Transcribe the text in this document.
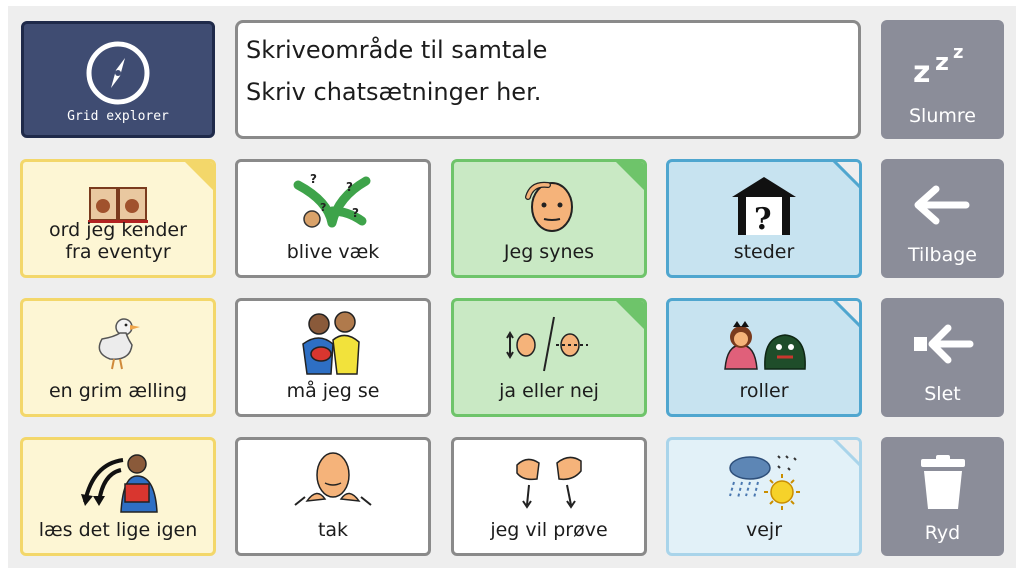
Grid explorer
Skriveområde til samtale
Skriv chatsætninger her.
z z z
Slumre
ord jeg kender
fra eventyr
?
?
?
?
blive væk	Jeg synes
?
steder	Tilbage
en grim ælling	må jeg se	ja eller nej	roller	Slet
læs det lige igen	tak	jeg vil prøve	vejr	Ryd
